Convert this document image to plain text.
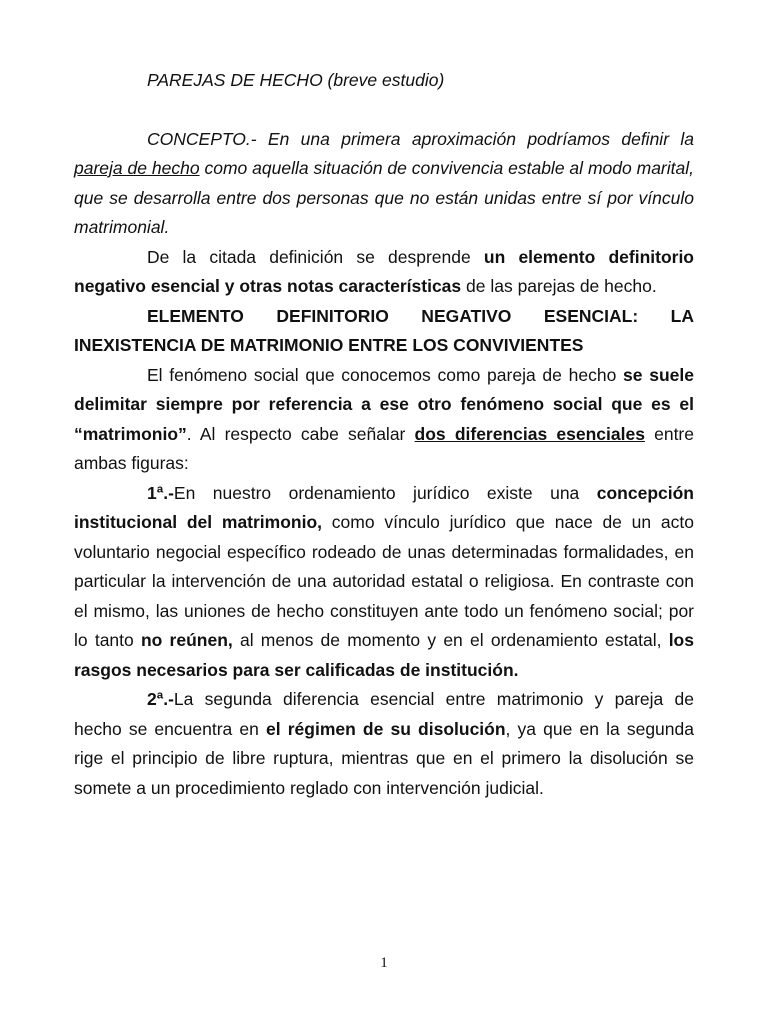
PAREJAS DE HECHO (breve estudio)

CONCEPTO.- En una primera aproximación podríamos definir la pareja de hecho como aquella situación de convivencia estable al modo marital, que se desarrolla entre dos personas que no están unidas entre sí por vínculo matrimonial.

De la citada definición se desprende un elemento definitorio negativo esencial y otras notas características de las parejas de hecho.

ELEMENTO DEFINITORIO NEGATIVO ESENCIAL: LA INEXISTENCIA DE MATRIMONIO ENTRE LOS CONVIVIENTES

El fenómeno social que conocemos como pareja de hecho se suele delimitar siempre por referencia a ese otro fenómeno social que es el “matrimonio”. Al respecto cabe señalar dos diferencias esenciales entre ambas figuras:

1ª.-En nuestro ordenamiento jurídico existe una concepción institucional del matrimonio, como vínculo jurídico que nace de un acto voluntario negocial específico rodeado de unas determinadas formalidades, en particular la intervención de una autoridad estatal o religiosa. En contraste con el mismo, las uniones de hecho constituyen ante todo un fenómeno social; por lo tanto no reúnen, al menos de momento y en el ordenamiento estatal, los rasgos necesarios para ser calificadas de institución.

2ª.-La segunda diferencia esencial entre matrimonio y pareja de hecho se encuentra en el régimen de su disolución, ya que en la segunda rige el principio de libre ruptura, mientras que en el primero la disolución se somete a un procedimiento reglado con intervención judicial.

1
